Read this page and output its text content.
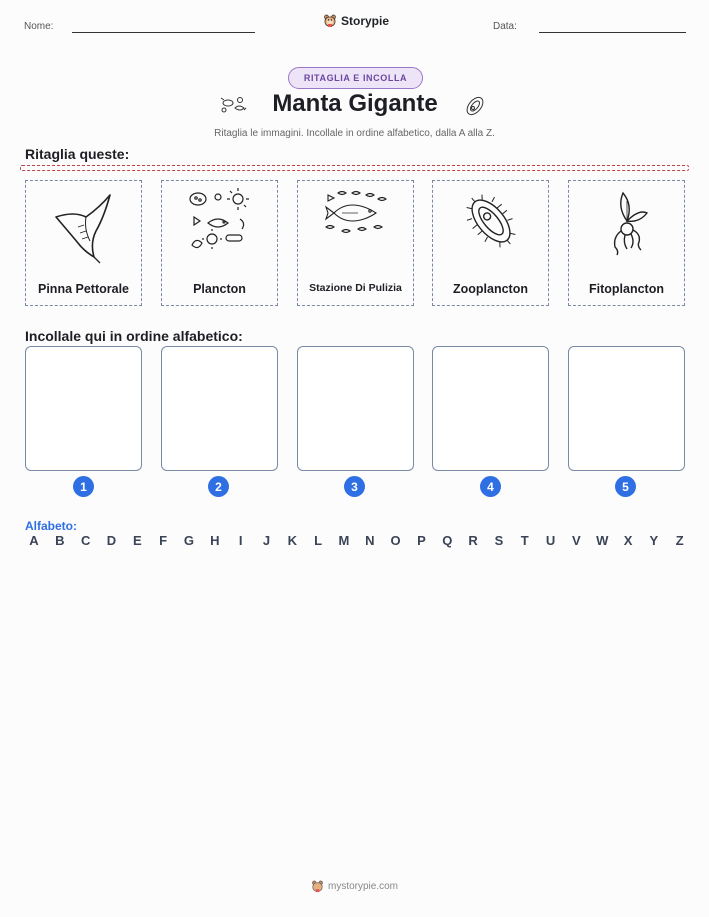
Nome:	Storypie	Data:
RITAGLIA E INCOLLA
Manta Gigante
Ritaglia le immagini. Incollale in ordine alfabetico, dalla A alla Z.
Ritaglia queste:
Pinna Pettorale	Plancton	Stazione Di Pulizia	Zooplancton	Fitoplancton
Incollale qui in ordine alfabetico:
1	2	3	4	5
Alfabeto:
A B C D E F G H	I	J K L M N O P Q R S T U V W X Y Z
mystorypie.com
